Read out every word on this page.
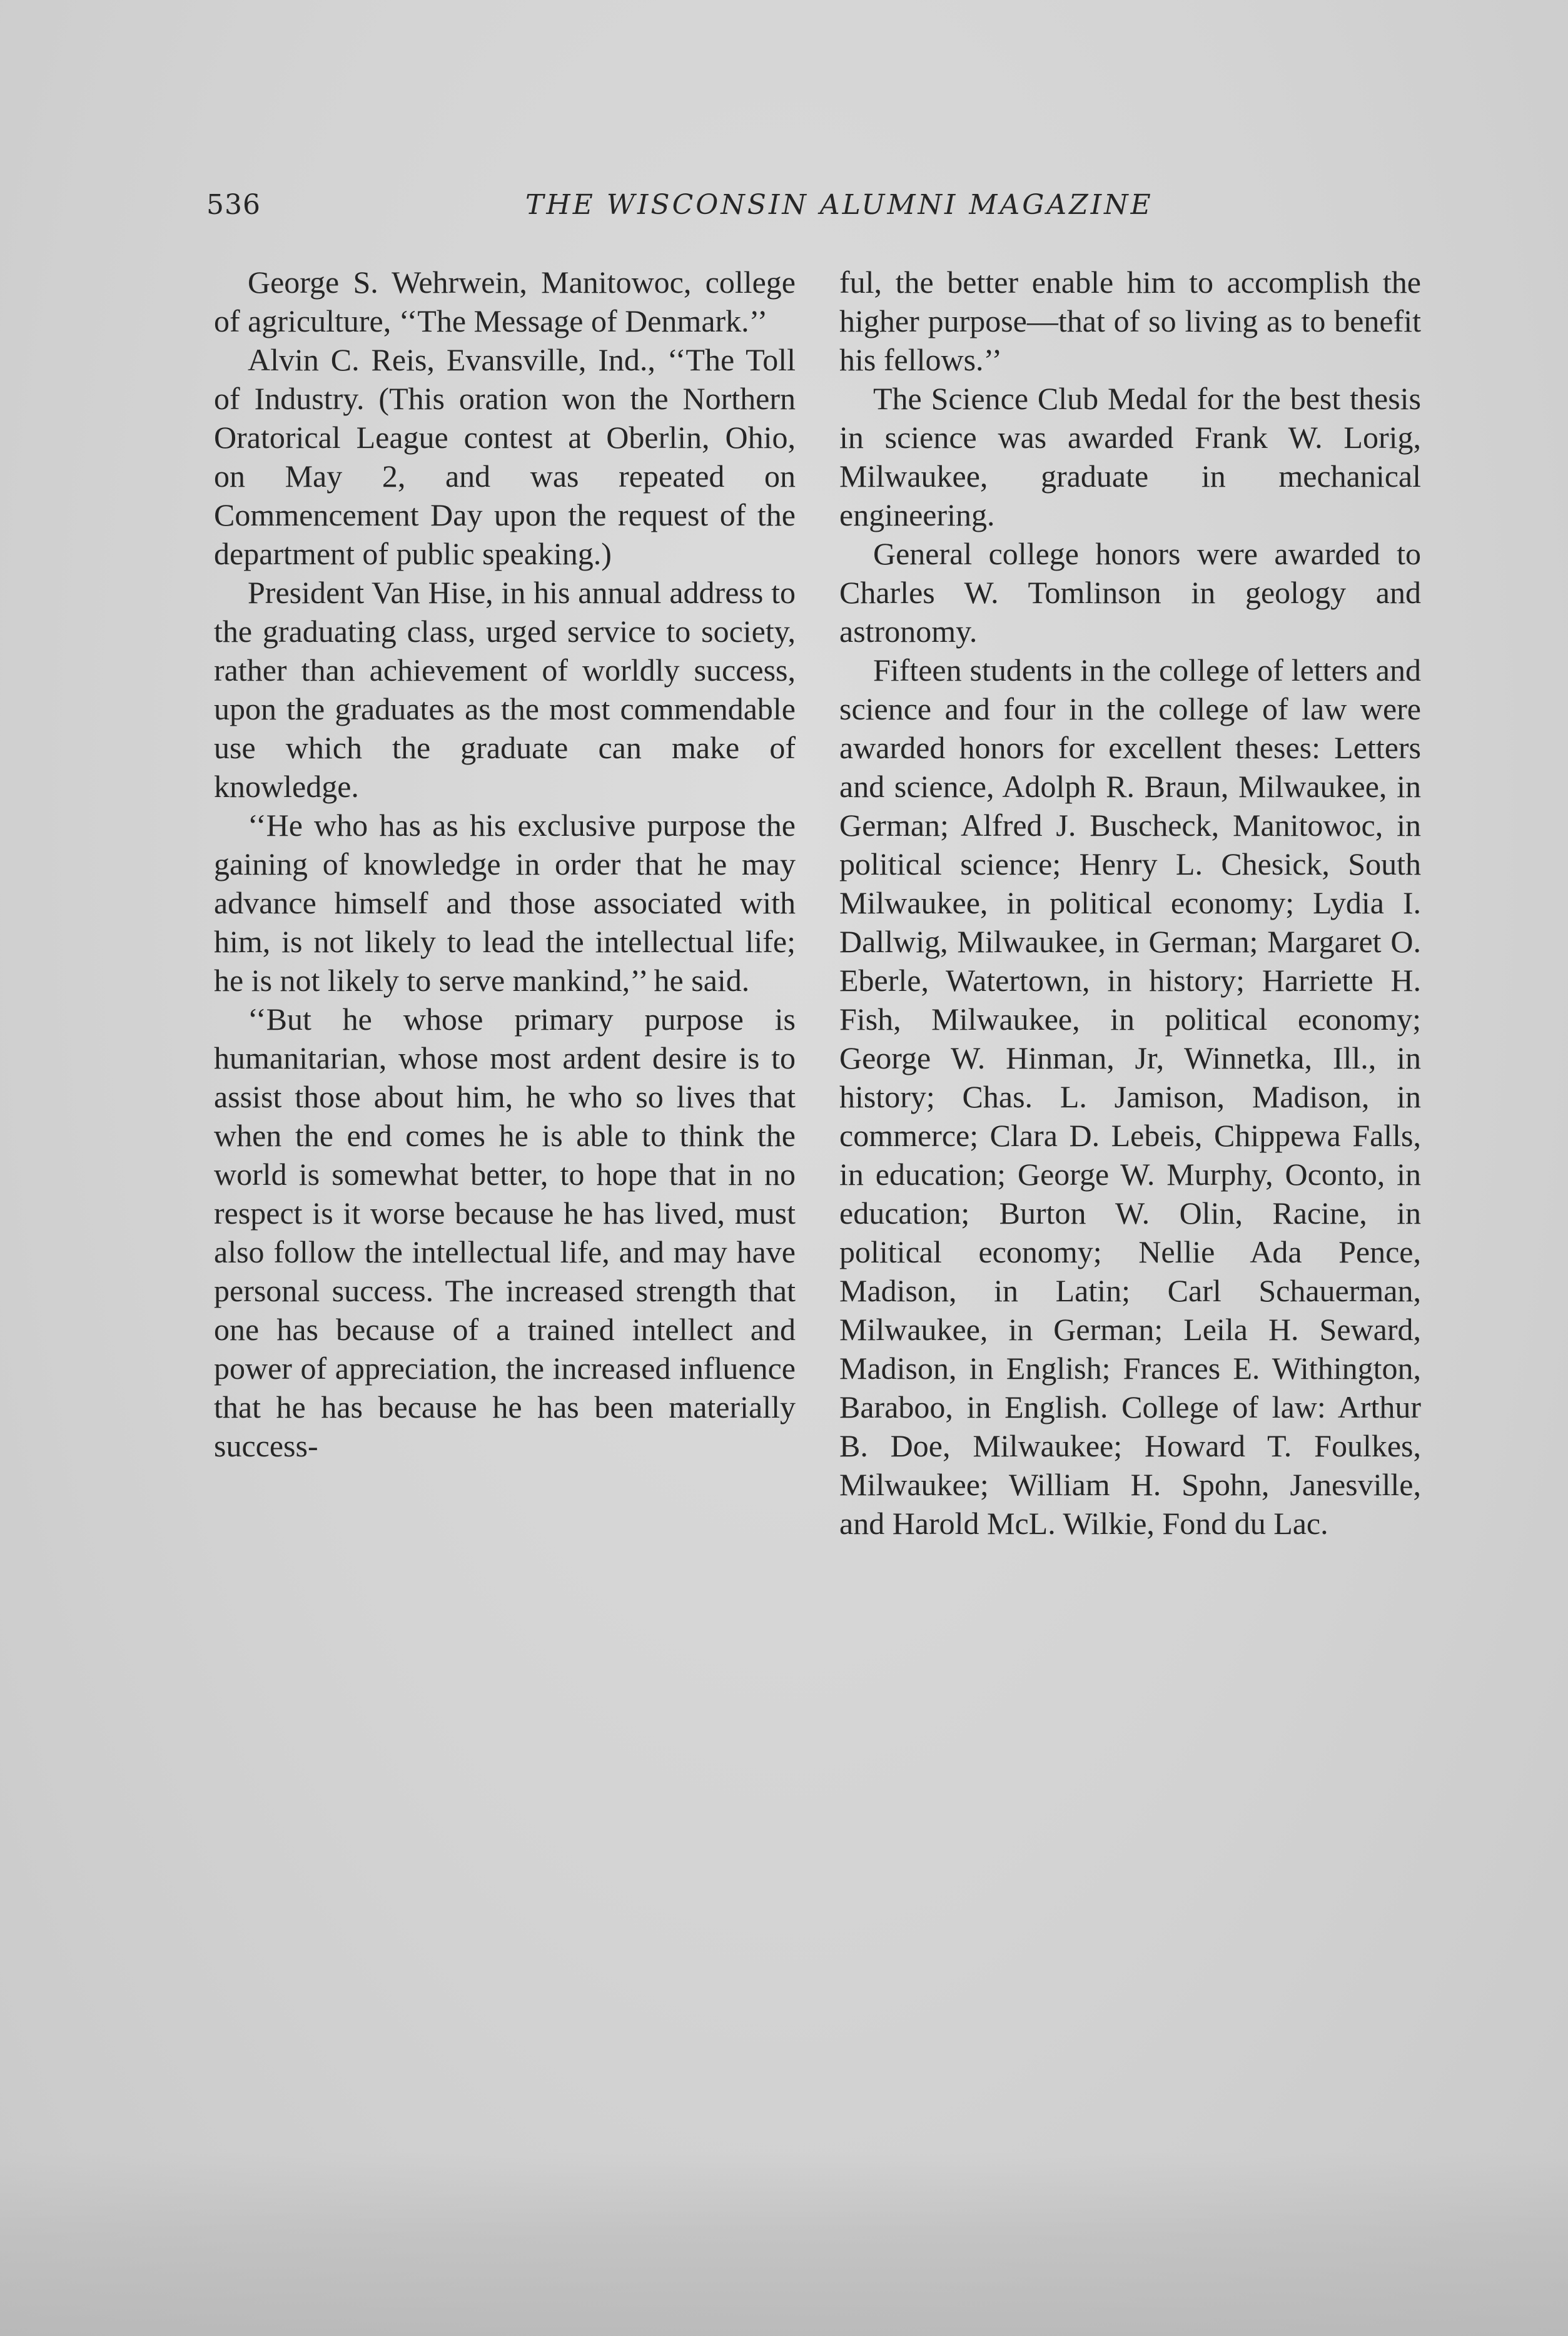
536	THE WISCONSIN ALUMNI MAGAZINE

George S. Wehrwein, Manitowoc, college of agriculture, ‘‘The Message of Denmark.’’

Alvin C. Reis, Evansville, Ind., ‘‘The Toll of Industry. (This oration won the Northern Oratorical League contest at Oberlin, Ohio, on May 2, and was repeated on Commencement Day upon the request of the department of public speaking.)

President Van Hise, in his annual address to the graduating class, urged service to society, rather than achievement of worldly success, upon the graduates as the most commendable use which the graduate can make of knowledge.

‘‘He who has as his exclusive purpose the gaining of knowledge in order that he may advance himself and those associated with him, is not likely to lead the intellectual life; he is not likely to serve mankind,’’ he said.

‘‘But he whose primary purpose is humanitarian, whose most ardent desire is to assist those about him, he who so lives that when the end comes he is able to think the world is somewhat better, to hope that in no respect is it worse because he has lived, must also follow the intellectual life, and may have personal success. The increased strength that one has because of a trained intellect and power of appreciation, the increased influence that he has because he has been materially success-

ful, the better enable him to accomplish the higher purpose—that of so living as to benefit his fellows.’’

The Science Club Medal for the best thesis in science was awarded Frank W. Lorig, Milwaukee, graduate in mechanical engineering.

General college honors were awarded to Charles W. Tomlinson in geology and astronomy.

Fifteen students in the college of letters and science and four in the college of law were awarded honors for excellent theses: Letters and science, Adolph R. Braun, Milwaukee, in German; Alfred J. Buscheck, Manitowoc, in political science; Henry L. Chesick, South Milwaukee, in political economy; Lydia I. Dallwig, Milwaukee, in German; Margaret O. Eberle, Watertown, in history; Harriette H. Fish, Milwaukee, in political economy; George W. Hinman, Jr, Winnetka, Ill., in history; Chas. L. Jamison, Madison, in commerce; Clara D. Lebeis, Chippewa Falls, in education; George W. Murphy, Oconto, in education; Burton W. Olin, Racine, in political economy; Nellie Ada Pence, Madison, in Latin; Carl Schauerman, Milwaukee, in German; Leila H. Seward, Madison, in English; Frances E. Withington, Baraboo, in English. College of law: Arthur B. Doe, Milwaukee; Howard T. Foulkes, Milwaukee; William H. Spohn, Janesville, and Harold McL. Wilkie, Fond du Lac.
